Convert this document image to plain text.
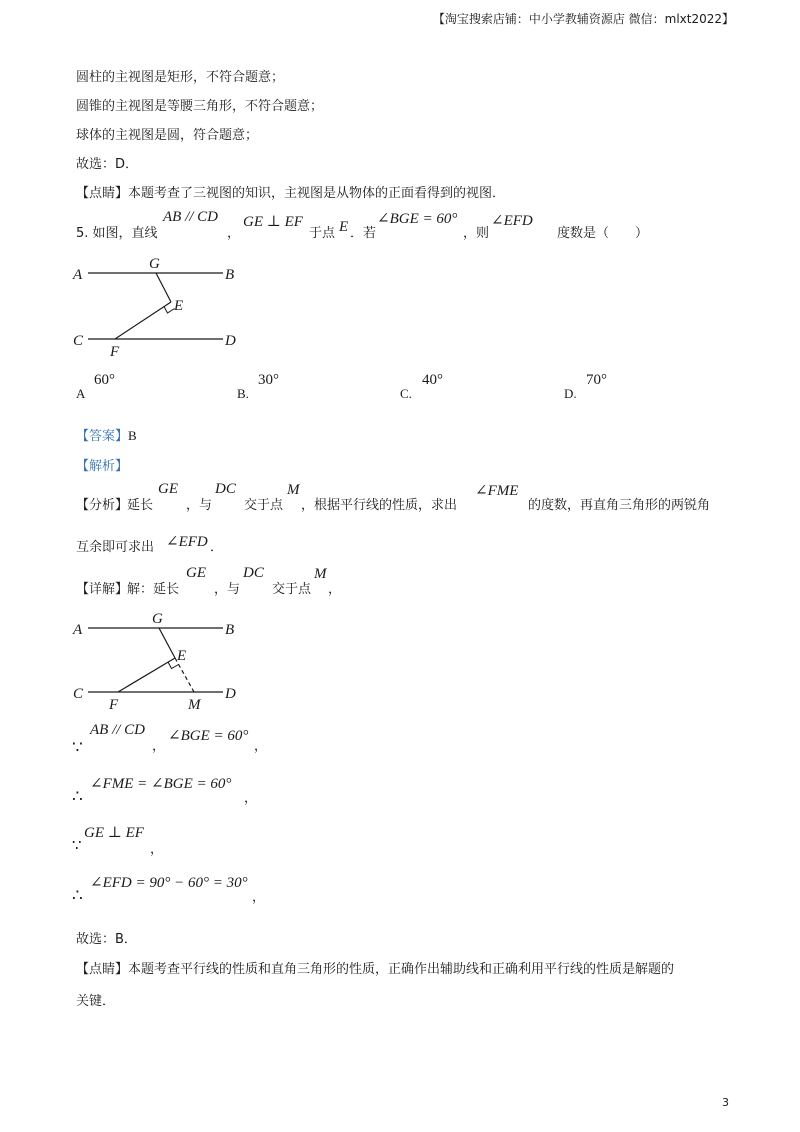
【淘宝搜索店铺：中小学教辅资源店 微信：mlxt2022】
圆柱的主视图是矩形，不符合题意；
圆锥的主视图是等腰三角形，不符合题意；
球体的主视图是圆，符合题意；
故选：D．
【点睛】本题考查了三视图的知识，主视图是从物体的正面看得到的视图．
5. 如图，直线
AB // CD
，
GE ⊥ EF
于点 E ．若
∠BGE = 60°
，则
∠EFD
度数是（　　）
A	B
G
E
C	D
F
A
60°
B.
30°
C.
40°
D.
70°
【答案】B
【解析】
【分析】
延长
GE
，与
DC
交于点
M
，根据平行线的性质，求出
∠FME
的度数，再直角三角形的两锐角
互余即可求出 ∠EFD ．
【详解】
解：延长
GE
，与
DC
交于点
M
，
A	B
G
E
C	D
F	M
∵
AB // CD
，
∠BGE = 60°
，
∴
∠FME = ∠BGE = 60°
，
∵
GE ⊥ EF
，
∴
∠EFD = 90° − 60° = 30°
，
故选：B．
【点睛】本题考查平行线的性质和直角三角形的性质，正确作出辅助线和正确利用平行线的性质是解题的
关键．
3
